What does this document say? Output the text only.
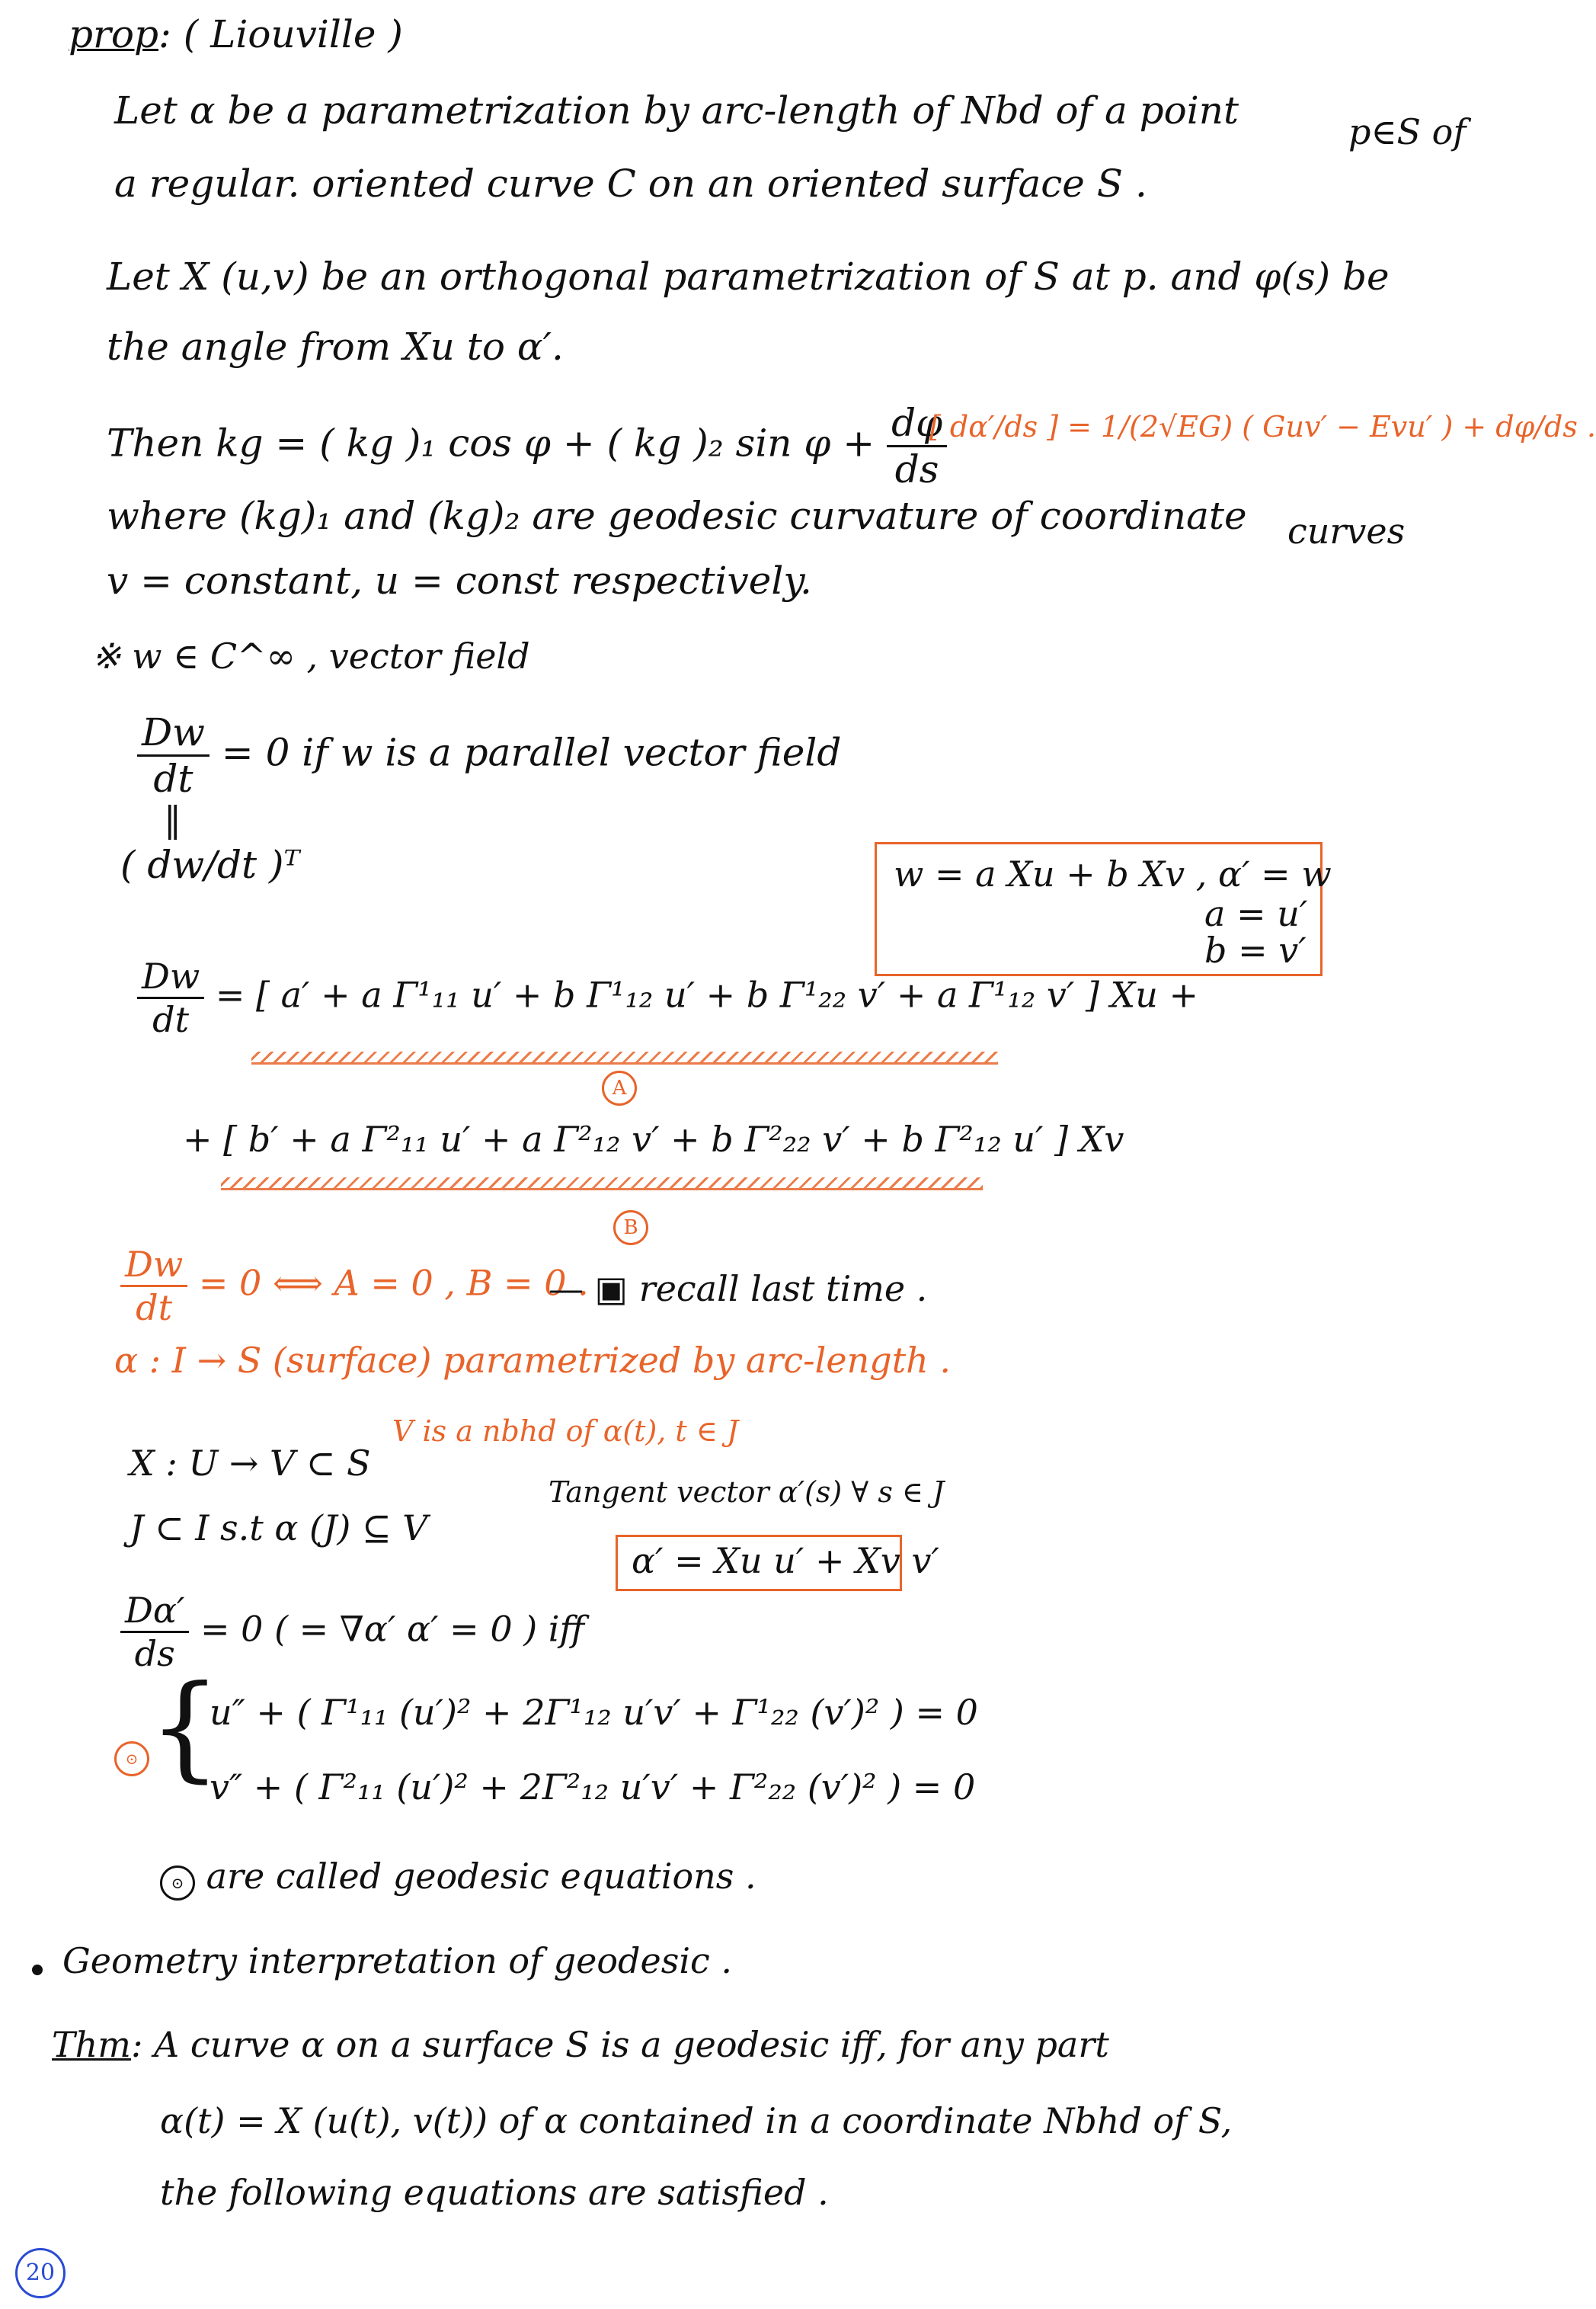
prop: ( Liouville )
Let α be a parametrization by arc-length of Nbd of a point	p∈S of
a regular. oriented curve C on an oriented surface S .
Let X (u,v) be an orthogonal parametrization of S at p. and φ(s) be
the angle from Xu to α′.
Then kg = ( kg )₁ cos φ + ( kg )₂ $\sin \varphi + \frac{d\varphi}{ds}$
[ dα′/ds ] = 1/(2√EG) ( Guv′ − Evu′ ) + dφ/ds .
where (kg)₁ and (kg)₂ are geodesic curvature of coordinate curves
v = constant, u = const respectively.
※ w ∈ C^∞ , vector field
$\frac{Dw}{dt} = 0$ if w is a parallel vector field
‖
( dw/dt )ᵀ	w = a Xu + b Xv , α′ = w
a = u′
b = v′
$\frac{Dw}{dt}$ = [ a′ + a Γ¹₁₁ u′ + b Γ¹₁₂ u′ + b Γ¹₂₂ v′ + a Γ¹₁₂ v′ ] Xu +
A
+ [ b′ + a Γ²₁₁ u′ + a Γ²₁₂ v′ + b Γ²₂₂ v′ + b Γ²₁₂ u′ ] Xv
B
$\frac{Dw}{dt} = 0$ ⟺ A = 0 , B = 0 .
— ▣ recall last time .
α : I → S (surface) parametrized by arc-length .
X : U → V ⊂ S
V is a nbhd of α(t), t ∈ J
J ⊂ I s.t α (J) ⊆ V
Tangent vector α′(s) ∀ s ∈ J
α′ = Xu u′ + Xv v′
$\frac{D\alpha'}{ds} = 0$ ( = ∇α′ α′ = 0 ) iff
⊙ {
u″ + ( Γ¹₁₁ (u′)² + 2Γ¹₁₂ u′v′ + Γ¹₂₂ (v′)² ) = 0
v″ + ( Γ²₁₁ (u′)² + 2Γ²₁₂ u′v′ + Γ²₂₂ (v′)² ) = 0
⊙ are called geodesic equations .
Geometry interpretation of geodesic .
Thm: A curve α on a surface S is a geodesic iff, for any part
α(t) = X (u(t), v(t)) of α contained in a coordinate Nbhd of S,
the following equations are satisfied .
20
